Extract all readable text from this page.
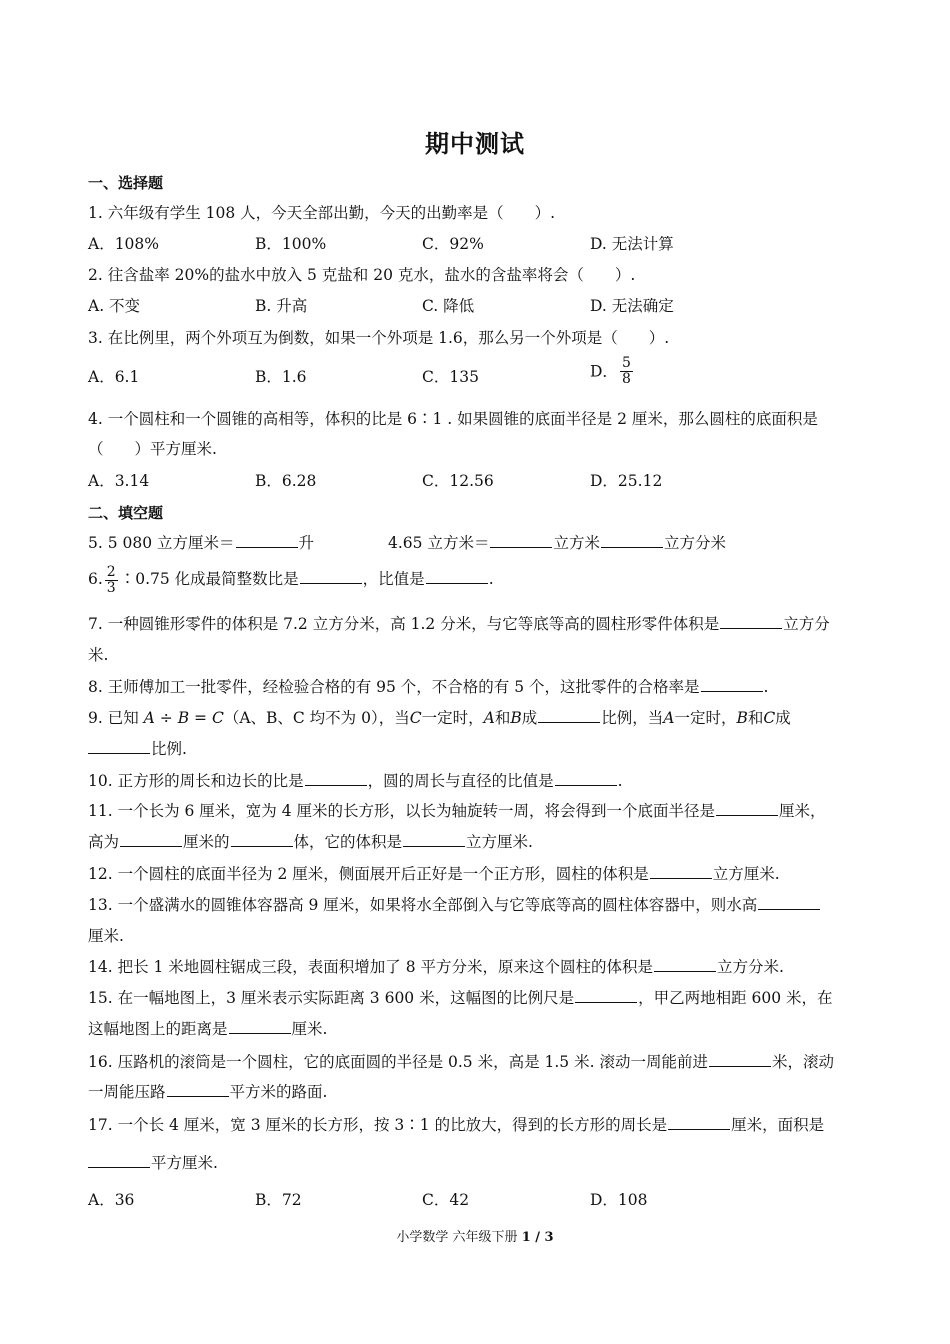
期中测试
一、选择题
1. 六年级有学生 108 人，今天全部出勤，今天的出勤率是（　　）.
A．108%	B．100%	C．92%	D. 无法计算
2. 往含盐率 20%的盐水中放入 5 克盐和 20 克水，盐水的含盐率将会（　　）.
A. 不变	B. 升高	C. 降低	D. 无法确定
3. 在比例里，两个外项互为倒数，如果一个外项是 1.6，那么另一个外项是（　　）.
A．6.1	B．1.6	C．135	D． $\frac{5}{8}$
4. 一个圆柱和一个圆锥的高相等，体积的比是 6∶1 . 如果圆锥的底面半径是 2 厘米，那么圆柱的底面积是
（　　）平方厘米.
A．3.14	B．6.28	C．12.56	D．25.12
二、填空题
5. 5 080 立方厘米＝	升	4.65 立方米＝	立方米	立方分米
6. $\frac{2}{3}$ ∶0.75 化成最简整数比是	，比值是	.
7. 一种圆锥形零件的体积是 7.2 立方分米，高 1.2 分米，与它等底等高的圆柱形零件体积是	立方分
米.
8. 王师傅加工一批零件，经检验合格的有 95 个，不合格的有 5 个，这批零件的合格率是	.
9. 已知 A ÷ B = C（A、B、C 均不为 0），当C一定时，A和B成	比例，当A一定时，B和C成
比例.
10. 正方形的周长和边长的比是	，圆的周长与直径的比值是	.
11. 一个长为 6 厘米，宽为 4 厘米的长方形，以长为轴旋转一周，将会得到一个底面半径是	厘米，
高为	厘米的	体，它的体积是	立方厘米.
12. 一个圆柱的底面半径为 2 厘米，侧面展开后正好是一个正方形，圆柱的体积是	立方厘米.
13. 一个盛满水的圆锥体容器高 9 厘米，如果将水全部倒入与它等底等高的圆柱体容器中，则水高
厘米.
14. 把长 1 米地圆柱锯成三段，表面积增加了 8 平方分米，原来这个圆柱的体积是	立方分米.
15. 在一幅地图上，3 厘米表示实际距离 3 600 米，这幅图的比例尺是	，甲乙两地相距 600 米，在
这幅地图上的距离是	厘米.
16. 压路机的滚筒是一个圆柱，它的底面圆的半径是 0.5 米，高是 1.5 米. 滚动一周能前进	米，滚动
一周能压路	平方米的路面.
17. 一个长 4 厘米，宽 3 厘米的长方形，按 3∶1 的比放大，得到的长方形的周长是	厘米，面积是
平方厘米.
A．36	B．72	C．42	D．108
小学数学 六年级下册 1 / 3
